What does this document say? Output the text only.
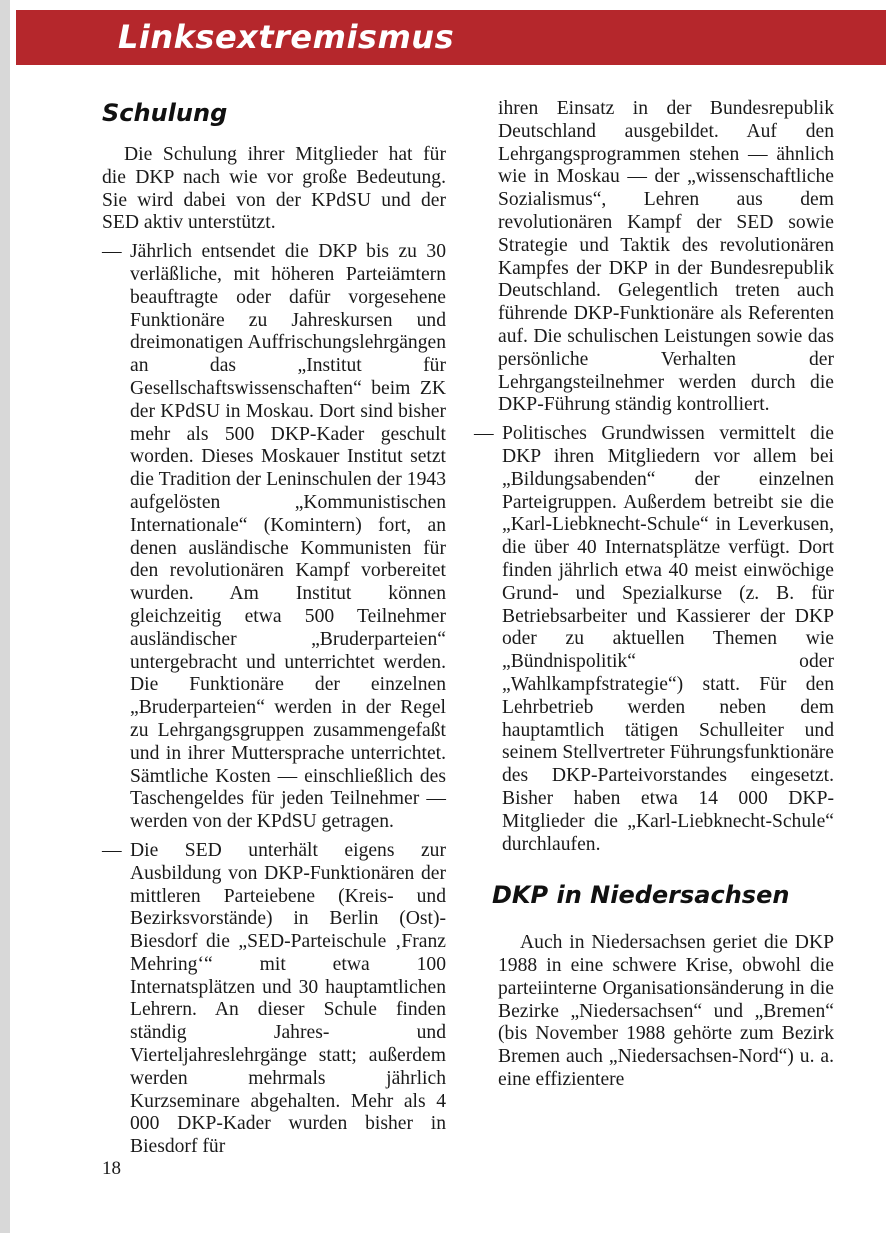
Linksextremismus
Schulung

Die Schulung ihrer Mitglieder hat für die DKP nach wie vor große Bedeutung. Sie wird dabei von der KPdSU und der SED aktiv unterstützt.

— Jährlich entsendet die DKP bis zu 30 verläßliche, mit höheren Parteiämtern beauftragte oder dafür vorgesehene Funktionäre zu Jahreskursen und dreimonatigen Auffrischungslehrgängen an das „Institut für Gesellschaftswissenschaften“ beim ZK der KPdSU in Moskau. Dort sind bisher mehr als 500 DKP-Kader geschult worden. Dieses Moskauer Institut setzt die Tradition der Leninschulen der 1943 aufgelösten „Kommunistischen Internationale“ (Komintern) fort, an denen ausländische Kommunisten für den revolutionären Kampf vorbereitet wurden. Am Institut können gleichzeitig etwa 500 Teilnehmer ausländischer „Bruderparteien“ untergebracht und unterrichtet werden. Die Funktionäre der einzelnen „Bruderparteien“ werden in der Regel zu Lehrgangsgruppen zusammengefaßt und in ihrer Muttersprache unterrichtet. Sämtliche Kosten — einschließlich des Taschengeldes für jeden Teilnehmer — werden von der KPdSU getragen.

— Die SED unterhält eigens zur Ausbildung von DKP-Funktionären der mittleren Parteiebene (Kreis- und Bezirksvorstände) in Berlin (Ost)-Biesdorf die „SED-Parteischule ‚Franz Mehring‘“ mit etwa 100 Internatsplätzen und 30 hauptamtlichen Lehrern. An dieser Schule finden ständig Jahres- und Vierteljahreslehrgänge statt; außerdem werden mehrmals jährlich Kurzseminare abgehalten. Mehr als 4 000 DKP-Kader wurden bisher in Biesdorf für

ihren Einsatz in der Bundesrepublik Deutschland ausgebildet. Auf den Lehrgangsprogrammen stehen — ähnlich wie in Moskau — der „wissenschaftliche Sozialismus“, Lehren aus dem revolutionären Kampf der SED sowie Strategie und Taktik des revolutionären Kampfes der DKP in der Bundesrepublik Deutschland. Gelegentlich treten auch führende DKP-Funktionäre als Referenten auf. Die schulischen Leistungen sowie das persönliche Verhalten der Lehrgangsteilnehmer werden durch die DKP-Führung ständig kontrolliert.

— Politisches Grundwissen vermittelt die DKP ihren Mitgliedern vor allem bei „Bildungsabenden“ der einzelnen Parteigruppen. Außerdem betreibt sie die „Karl-Liebknecht-Schule“ in Leverkusen, die über 40 Internatsplätze verfügt. Dort finden jährlich etwa 40 meist einwöchige Grund- und Spezialkurse (z. B. für Betriebsarbeiter und Kassierer der DKP oder zu aktuellen Themen wie „Bündnispolitik“ oder „Wahlkampfstrategie“) statt. Für den Lehrbetrieb werden neben dem hauptamtlich tätigen Schulleiter und seinem Stellvertreter Führungsfunktionäre des DKP-Parteivorstandes eingesetzt. Bisher haben etwa 14 000 DKP-Mitglieder die „Karl-Liebknecht-Schule“ durchlaufen.

DKP in Niedersachsen

Auch in Niedersachsen geriet die DKP 1988 in eine schwere Krise, obwohl die parteiinterne Organisationsänderung in die Bezirke „Niedersachsen“ und „Bremen“ (bis November 1988 gehörte zum Bezirk Bremen auch „Niedersachsen-Nord“) u. a. eine effizientere

18
